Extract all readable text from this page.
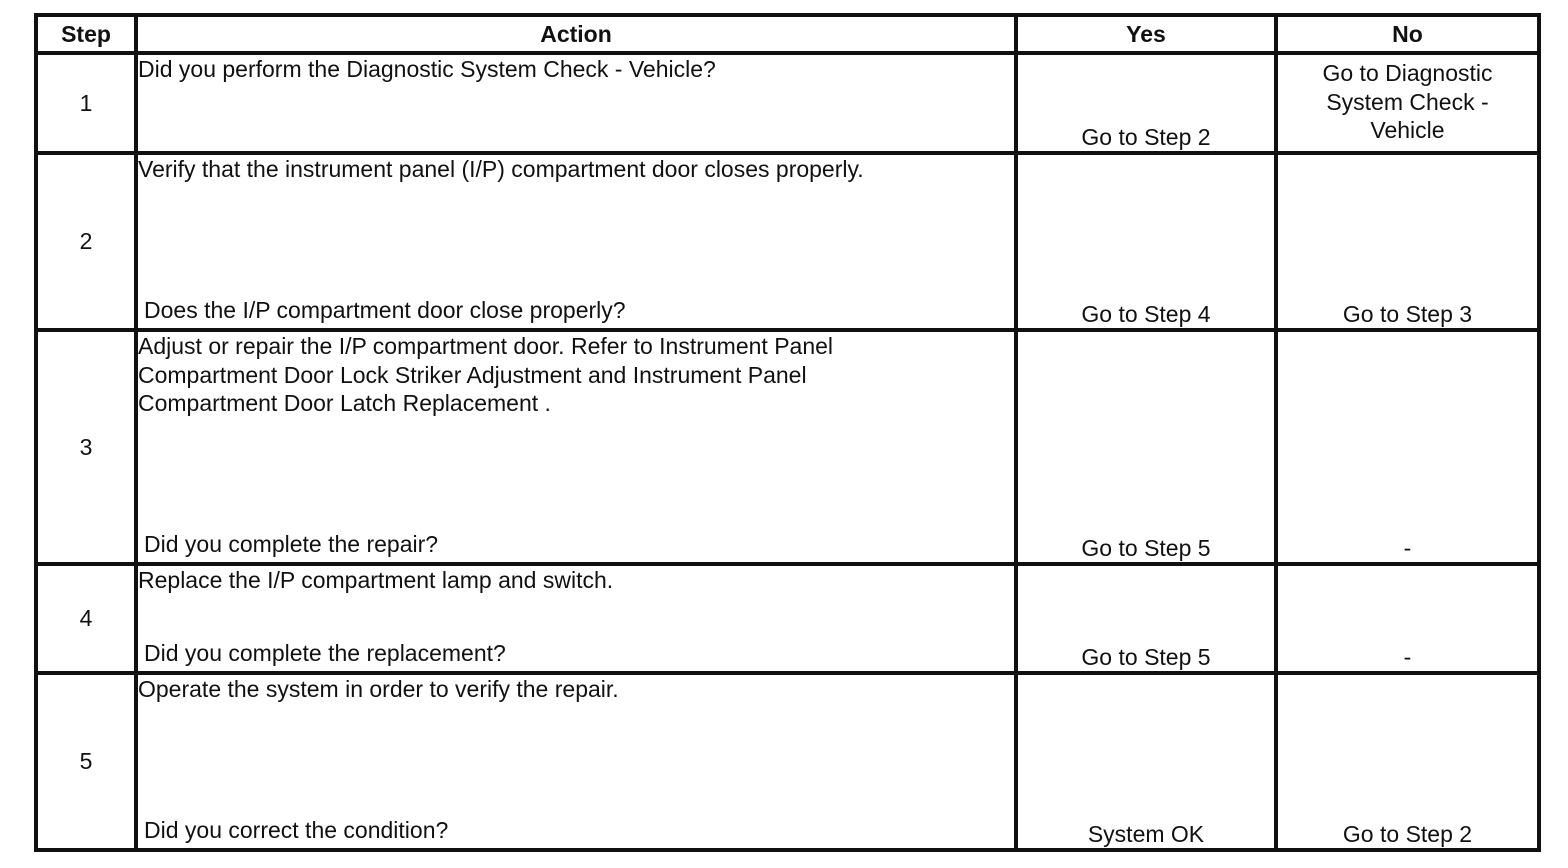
Step	Action	Yes	No
1	Did you perform the Diagnostic System Check - Vehicle?	Go to Step 2	Go to Diagnostic System Check - Vehicle

2	Verify that the instrument panel (I/P) compartment door closes properly.
Does the I/P compartment door close properly?	Go to Step 4	Go to Step 3
3	Adjust or repair the I/P compartment door. Refer to Instrument Panel Compartment Door Lock Striker Adjustment and Instrument Panel Compartment Door Latch Replacement .
Did you complete the repair?	Go to Step 5	-
4	Replace the I/P compartment lamp and switch.
Did you complete the replacement?	Go to Step 5	-
5	Operate the system in order to verify the repair.
Did you correct the condition?	System OK	Go to Step 2
